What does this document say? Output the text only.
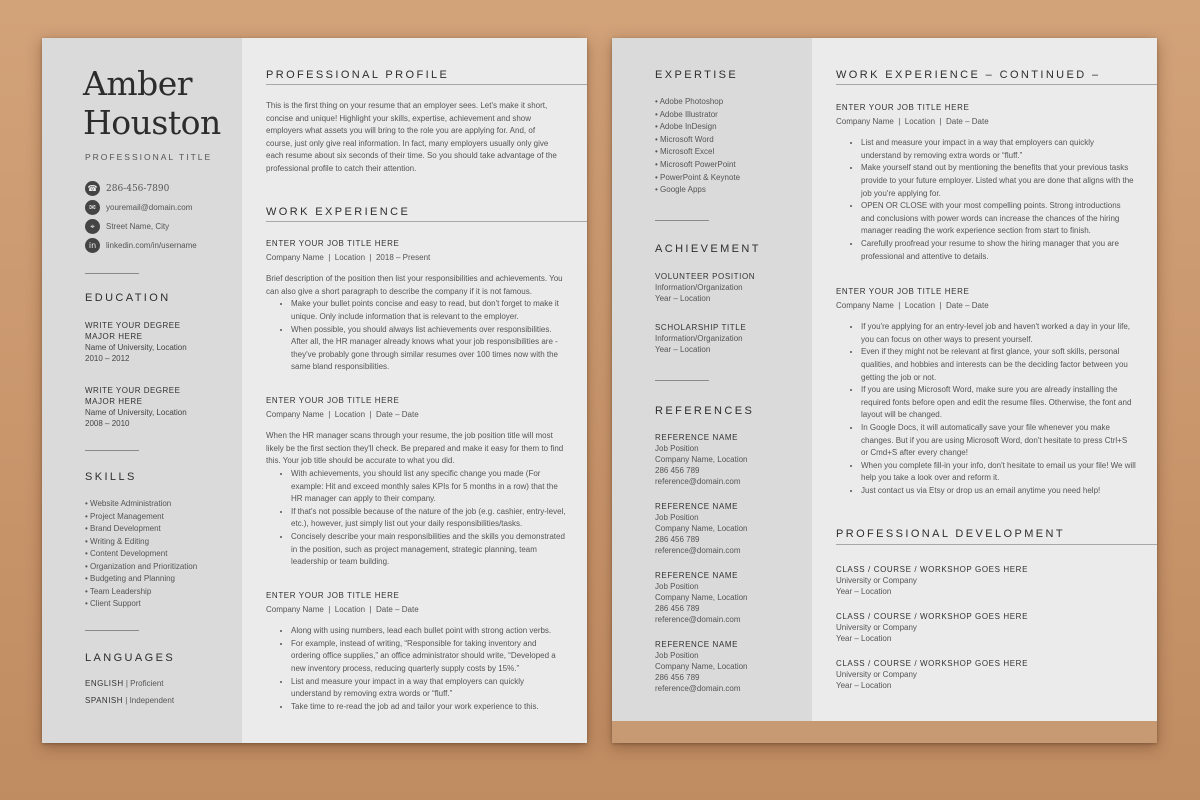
Amber
Houston
PROFESSIONAL TITLE
☎ 286-456-7890
✉	youremail@domain.com
⌖	Street Name, City
in	linkedin.com/in/username
EDUCATION
WRITE YOUR DEGREE
MAJOR HERE
Name of University, Location
2010 – 2012
WRITE YOUR DEGREE
MAJOR HERE
Name of University, Location
2008 – 2010
SKILLS
• Website Administration
• Project Management
• Brand Development
• Writing & Editing
• Content Development
• Organization and Prioritization
• Budgeting and Planning
• Team Leadership
• Client Support
LANGUAGES
ENGLISH | Proficient
SPANISH | Independent
PROFESSIONAL PROFILE
This is the first thing on your resume that an employer sees. Let's make it short, concise and unique! Highlight your skills, expertise, achievement and show employers what assets you will bring to the role you are applying for. And, of course, just only give real information. In fact, many employers usually only give each resume about six seconds of their time. So you should take advantage of the professional profile to catch their attention.
WORK EXPERIENCE
ENTER YOUR JOB TITLE HERE
Company Name  |  Location  |  2018 – Present
Brief description of the position then list your responsibilities and achievements. You can also give a short paragraph to describe the company if it is not famous.
• Make your bullet points concise and easy to read, but don't forget to make it unique. Only include information that is relevant to the employer.
• When possible, you should always list achievements over responsibilities. After all, the HR manager already knows what your job responsibilities are - they've probably gone through similar resumes over 100 times now with the same bland responsibilities.
ENTER YOUR JOB TITLE HERE
Company Name  |  Location  |  Date – Date
When the HR manager scans through your resume, the job position title will most likely be the first section they'll check. Be prepared and make it easy for them to find this. Your job title should be accurate to what you did.
• With achievements, you should list any specific change you made (For example: Hit and exceed monthly sales KPIs for 5 months in a row) that the HR manager can apply to their company.
• If that's not possible because of the nature of the job (e.g. cashier, entry-level, etc.), however, just simply list out your daily responsibilities/tasks.
• Concisely describe your main responsibilities and the skills you demonstrated in the position, such as project management, strategic planning, team leadership or team building.
ENTER YOUR JOB TITLE HERE
Company Name  |  Location  |  Date – Date
• Along with using numbers, lead each bullet point with strong action verbs.
• For example, instead of writing, “Responsible for taking inventory and ordering office supplies,” an office administrator should write, “Developed a new inventory process, reducing quarterly supply costs by 15%.”
• List and measure your impact in a way that employers can quickly understand by removing extra words or “fluff.”
• Take time to re-read the job ad and tailor your work experience to this.
EXPERTISE
• Adobe Photoshop
• Adobe Illustrator
• Adobe InDesign
• Microsoft Word
• Microsoft Excel
• Microsoft PowerPoint
• PowerPoint & Keynote
• Google Apps
ACHIEVEMENT
VOLUNTEER POSITION
Information/Organization
Year – Location
SCHOLARSHIP TITLE
Information/Organization
Year – Location
REFERENCES
REFERENCE NAME
Job Position
Company Name, Location
286 456 789
reference@domain.com
REFERENCE NAME
Job Position
Company Name, Location
286 456 789
reference@domain.com
REFERENCE NAME
Job Position
Company Name, Location
286 456 789
reference@domain.com
REFERENCE NAME
Job Position
Company Name, Location
286 456 789
reference@domain.com
WORK EXPERIENCE – CONTINUED –
ENTER YOUR JOB TITLE HERE
Company Name  |  Location  |  Date – Date
• List and measure your impact in a way that employers can quickly understand by removing extra words or “fluff.”
• Make yourself stand out by mentioning the benefits that your previous tasks provide to your future employer. Listed what you are done that aligns with the job you're applying for.
• OPEN OR CLOSE with your most compelling points. Strong introductions and conclusions with power words can increase the chances of the hiring manager reading the work experience section from start to finish.
• Carefully proofread your resume to show the hiring manager that you are professional and attentive to details.
ENTER YOUR JOB TITLE HERE
Company Name  |  Location  |  Date – Date
• If you're applying for an entry-level job and haven't worked a day in your life, you can focus on other ways to present yourself.
• Even if they might not be relevant at first glance, your soft skills, personal qualities, and hobbies and interests can be the deciding factor between you getting the job or not.
• If you are using Microsoft Word, make sure you are already installing the required fonts before open and edit the resume files. Otherwise, the font and layout will be changed.
• In Google Docs, it will automatically save your file whenever you make changes. But if you are using Microsoft Word, don't hesitate to press Ctrl+S or Cmd+S after every change!
• When you complete fill-in your info, don't hesitate to email us your file! We will help you take a look over and reform it.
• Just contact us via Etsy or drop us an email anytime you need help!
PROFESSIONAL DEVELOPMENT
CLASS / COURSE / WORKSHOP GOES HERE
University or Company
Year – Location
CLASS / COURSE / WORKSHOP GOES HERE
University or Company
Year – Location
CLASS / COURSE / WORKSHOP GOES HERE
University or Company
Year – Location
